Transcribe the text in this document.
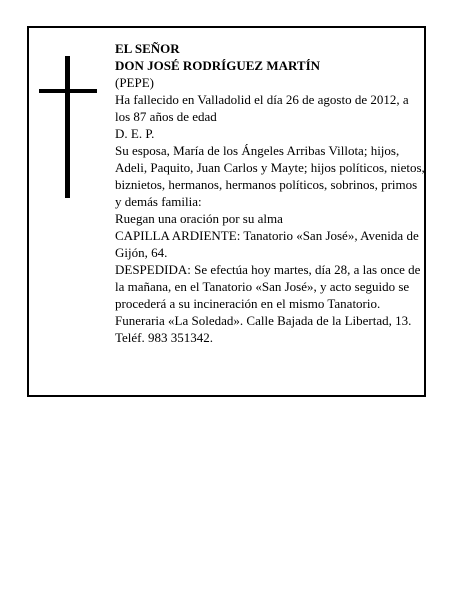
EL SEÑOR

DON JOSÉ RODRÍGUEZ MARTÍN

(PEPE)

Ha fallecido en Valladolid el día 26 de agosto de 2012, a los 87 años de edad

D. E. P.

Su esposa, María de los Ángeles Arribas Villota; hijos, Adeli, Paquito, Juan Carlos y Mayte; hijos políticos, nietos, biznietos, hermanos, hermanos políticos, sobrinos, primos y demás familia:

Ruegan una oración por su alma

CAPILLA ARDIENTE: Tanatorio «San José», Avenida de Gijón, 64.

DESPEDIDA: Se efectúa hoy martes, día 28, a las once de la mañana, en el Tanatorio «San José», y acto seguido se procederá a su incineración en el mismo Tanatorio.

Funeraria «La Soledad». Calle Bajada de la Libertad, 13. Teléf. 983 351342.
